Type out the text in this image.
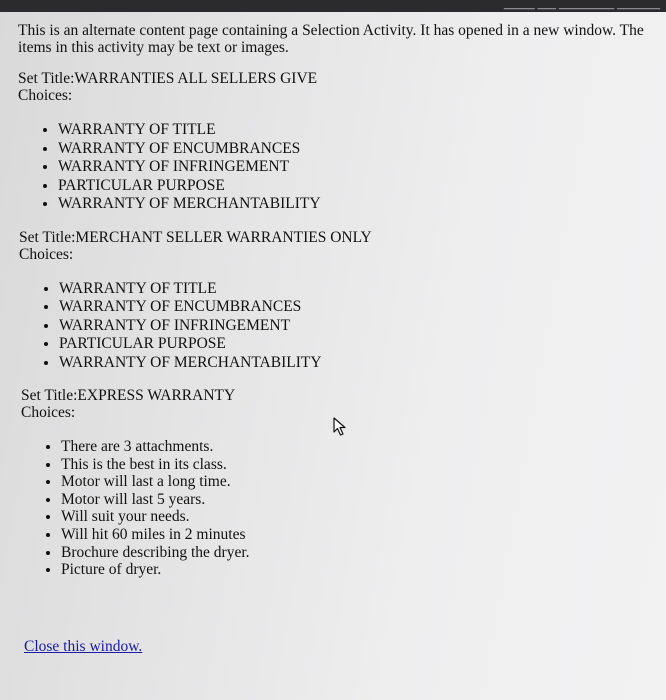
_____ ___ _________ _______

This is an alternate content page containing a Selection Activity. It has opened in a new window. The items in this activity may be text or images.

Set Title:WARRANTIES ALL SELLERS GIVE
Choices:
• WARRANTY OF TITLE
• WARRANTY OF ENCUMBRANCES
• WARRANTY OF INFRINGEMENT
• PARTICULAR PURPOSE
• WARRANTY OF MERCHANTABILITY
Set Title:MERCHANT SELLER WARRANTIES ONLY
Choices:
• WARRANTY OF TITLE
• WARRANTY OF ENCUMBRANCES
• WARRANTY OF INFRINGEMENT
• PARTICULAR PURPOSE
• WARRANTY OF MERCHANTABILITY
Set Title:EXPRESS WARRANTY
Choices:
• There are 3 attachments.
• This is the best in its class.
• Motor will last a long time.
• Motor will last 5 years.
• Will suit your needs.
• Will hit 60 miles in 2 minutes
• Brochure describing the dryer.
• Picture of dryer.
Close this window.
